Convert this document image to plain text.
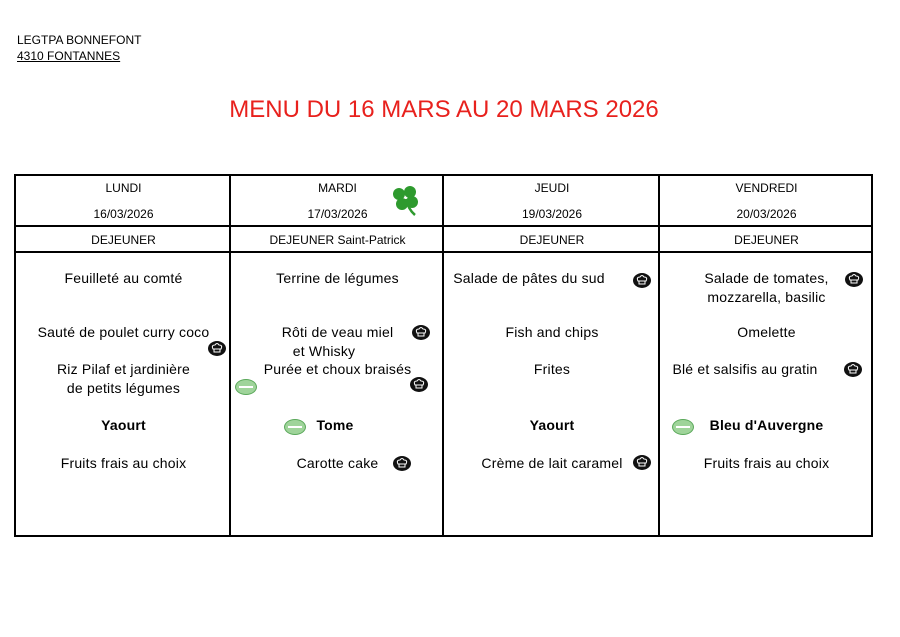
LEGTPA BONNEFONT
4310 FONTANNES
MENU DU 16 MARS AU 20 MARS 2026
LUNDI
16/03/2026
DEJEUNER
MARDI
17/03/2026
DEJEUNER Saint-Patrick
JEUDI
19/03/2026
DEJEUNER
VENDREDI
20/03/2026
DEJEUNER
Feuilleté au comté
Sauté de poulet curry coco
Riz Pilaf et jardinière
de petits légumes
Yaourt
Fruits frais au choix
Terrine de légumes
Rôti de veau miel
et Whisky
Purée et choux braisés
Tome
Carotte cake
Salade de pâtes du sud
Fish and chips
Frites
Yaourt
Crème de lait caramel
Salade de tomates,
mozzarella, basilic
Omelette
Blé et salsifis au gratin
Bleu d'Auvergne
Fruits frais au choix
